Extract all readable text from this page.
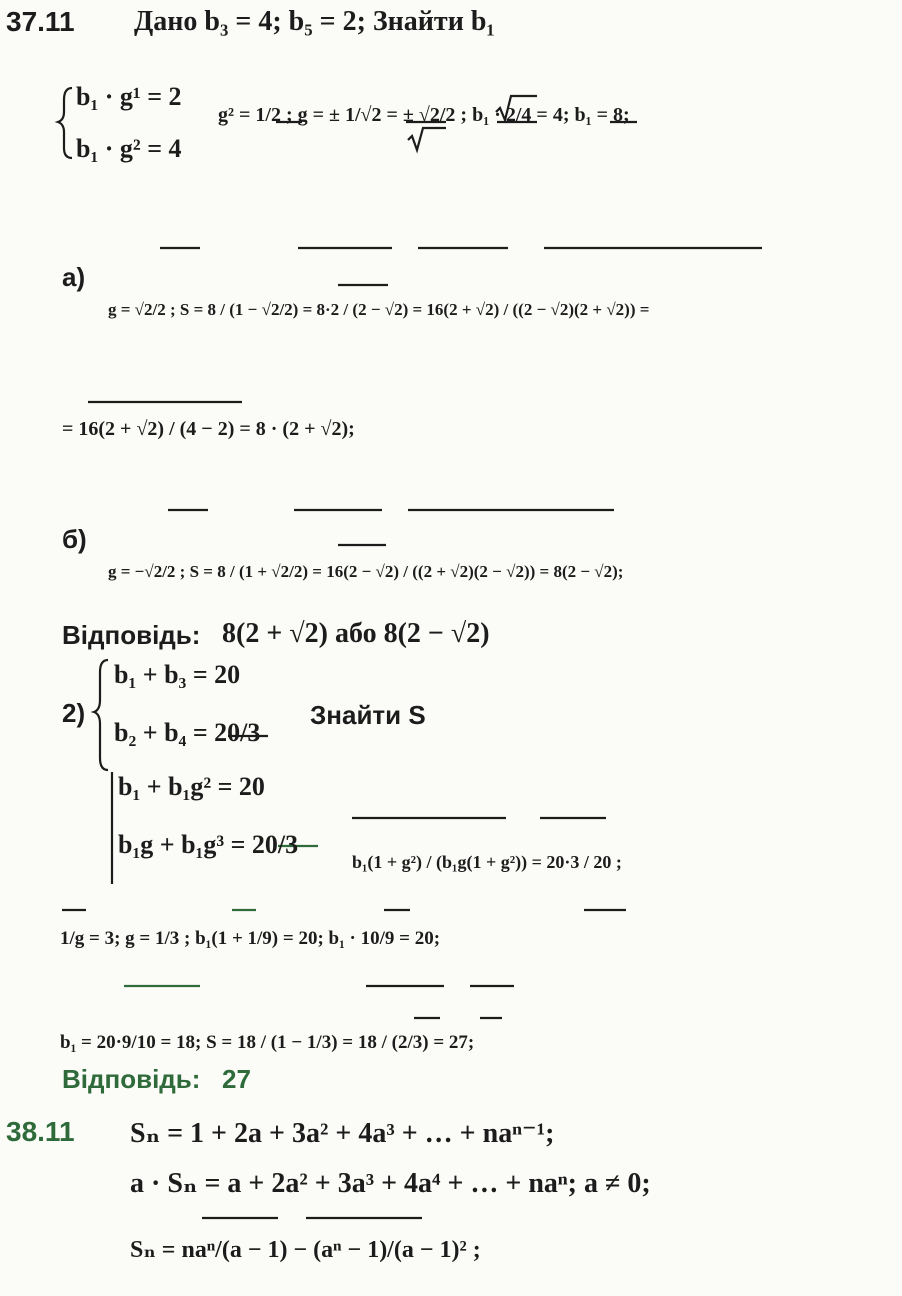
37.11 Дано b₃ = 4; b₅ = 2; Знайти b₁
b₁ · g¹ = 2
b₁ · g² = 4
g² = 1/2 ; g = ± 1/√2 = ± √2/2 ; b₁ · 2/4 = 4; b₁ = 8;
а)
g = √2/2 ; S = 8 / (1 − √2/2) = 8·2 / (2 − √2) = 16(2 + √2) / ((2 − √2)(2 + √2)) =
= 16(2 + √2) / (4 − 2) = 8 · (2 + √2);
б)
g = −√2/2 ; S = 8 / (1 + √2/2) = 16(2 − √2) / ((2 + √2)(2 − √2)) = 8(2 − √2);
Відповідь: 8(2 + √2) або 8(2 − √2)
2)
b₁ + b₃ = 20
b₂ + b₄ = 20/3
Знайти S
b₁ + b₁g² = 20
b₁g + b₁g³ = 20/3
b₁(1 + g²) / (b₁g(1 + g²)) = 20·3 / 20 ;
1/g = 3; g = 1/3 ; b₁(1 + 1/9) = 20; b₁ · 10/9 = 20;
b₁ = 20·9/10 = 18; S = 18 / (1 − 1/3) = 18 / (2/3) = 27;
Відповідь: 27
38.11 Sₙ = 1 + 2a + 3a² + 4a³ + … + naⁿ⁻¹;
a · Sₙ = a + 2a² + 3a³ + 4a⁴ + … + naⁿ; a ≠ 0;
Sₙ = naⁿ/(a − 1) − (aⁿ − 1)/(a − 1)² ;
